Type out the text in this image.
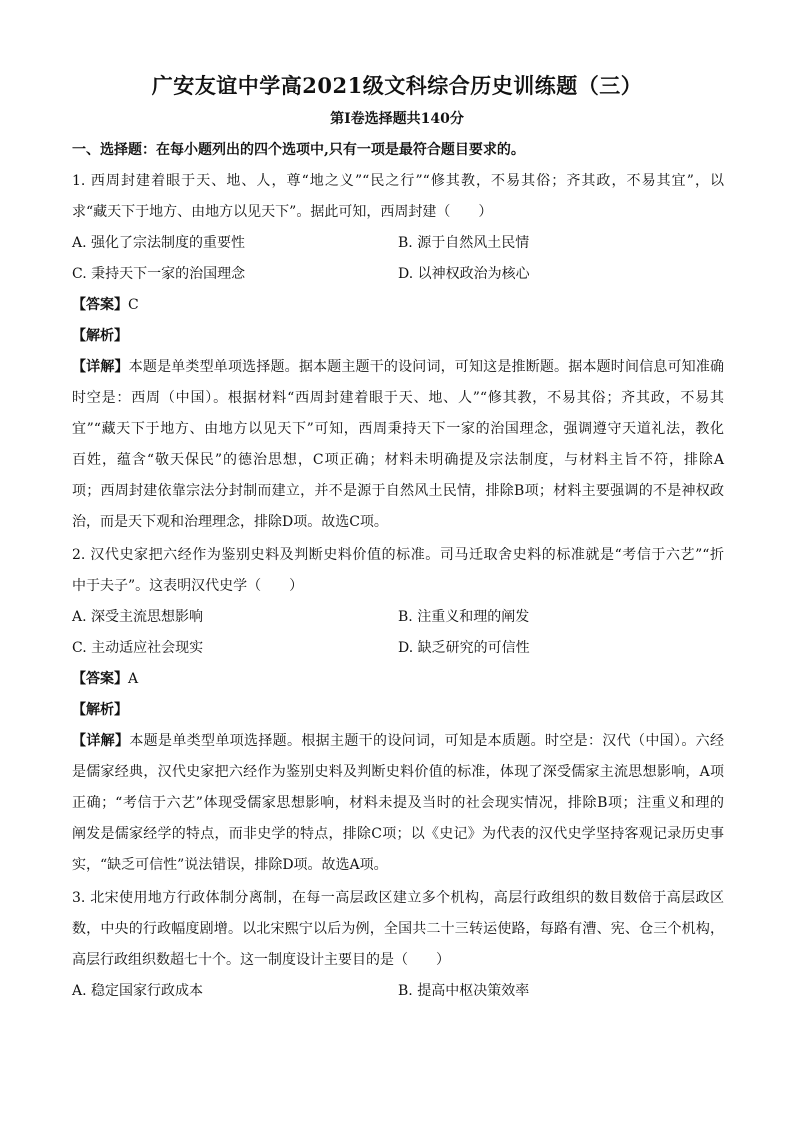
广安友谊中学高2021级文科综合历史训练题（三）
第Ⅰ卷选择题共140分
一、选择题：在每小题列出的四个选项中,只有一项是最符合题目要求的。
1. 西周封建着眼于天、地、人，尊“地之义”“民之行”“修其教，不易其俗；齐其政，不易其宜”，以
求“藏天下于地方、由地方以见天下”。据此可知，西周封建（　　）
A. 强化了宗法制度的重要性	B. 源于自然风土民情
C. 秉持天下一家的治国理念	D. 以神权政治为核心
【答案】C
【解析】
【详解】本题是单类型单项选择题。据本题主题干的设问词，可知这是推断题。据本题时间信息可知准确
时空是：西周（中国）。根据材料“西周封建着眼于天、地、人”“修其教，不易其俗；齐其政，不易其
宜”“藏天下于地方、由地方以见天下”可知，西周秉持天下一家的治国理念，强调遵守天道礼法，教化
百姓，蕴含“敬天保民”的德治思想，C项正确；材料未明确提及宗法制度，与材料主旨不符，排除A
项；西周封建依靠宗法分封制而建立，并不是源于自然风土民情，排除B项；材料主要强调的不是神权政
治，而是天下观和治理理念，排除D项。故选C项。
2. 汉代史家把六经作为鉴别史料及判断史料价值的标准。司马迁取舍史料的标准就是“考信于六艺”“折
中于夫子”。这表明汉代史学（　　）
A. 深受主流思想影响	B. 注重义和理的阐发
C. 主动适应社会现实	D. 缺乏研究的可信性
【答案】A
【解析】
【详解】本题是单类型单项选择题。根据主题干的设问词，可知是本质题。时空是：汉代（中国）。六经
是儒家经典，汉代史家把六经作为鉴别史料及判断史料价值的标准，体现了深受儒家主流思想影响，A项
正确；“考信于六艺”体现受儒家思想影响，材料未提及当时的社会现实情况，排除B项；注重义和理的
阐发是儒家经学的特点，而非史学的特点，排除C项；以《史记》为代表的汉代史学坚持客观记录历史事
实，“缺乏可信性”说法错误，排除D项。故选A项。
3. 北宋使用地方行政体制分离制，在每一高层政区建立多个机构，高层行政组织的数目数倍于高层政区
数，中央的行政幅度剧增。以北宋熙宁以后为例，全国共二十三转运使路，每路有漕、宪、仓三个机构，
高层行政组织数超七十个。这一制度设计主要目的是（　　）
A. 稳定国家行政成本	B. 提高中枢决策效率
